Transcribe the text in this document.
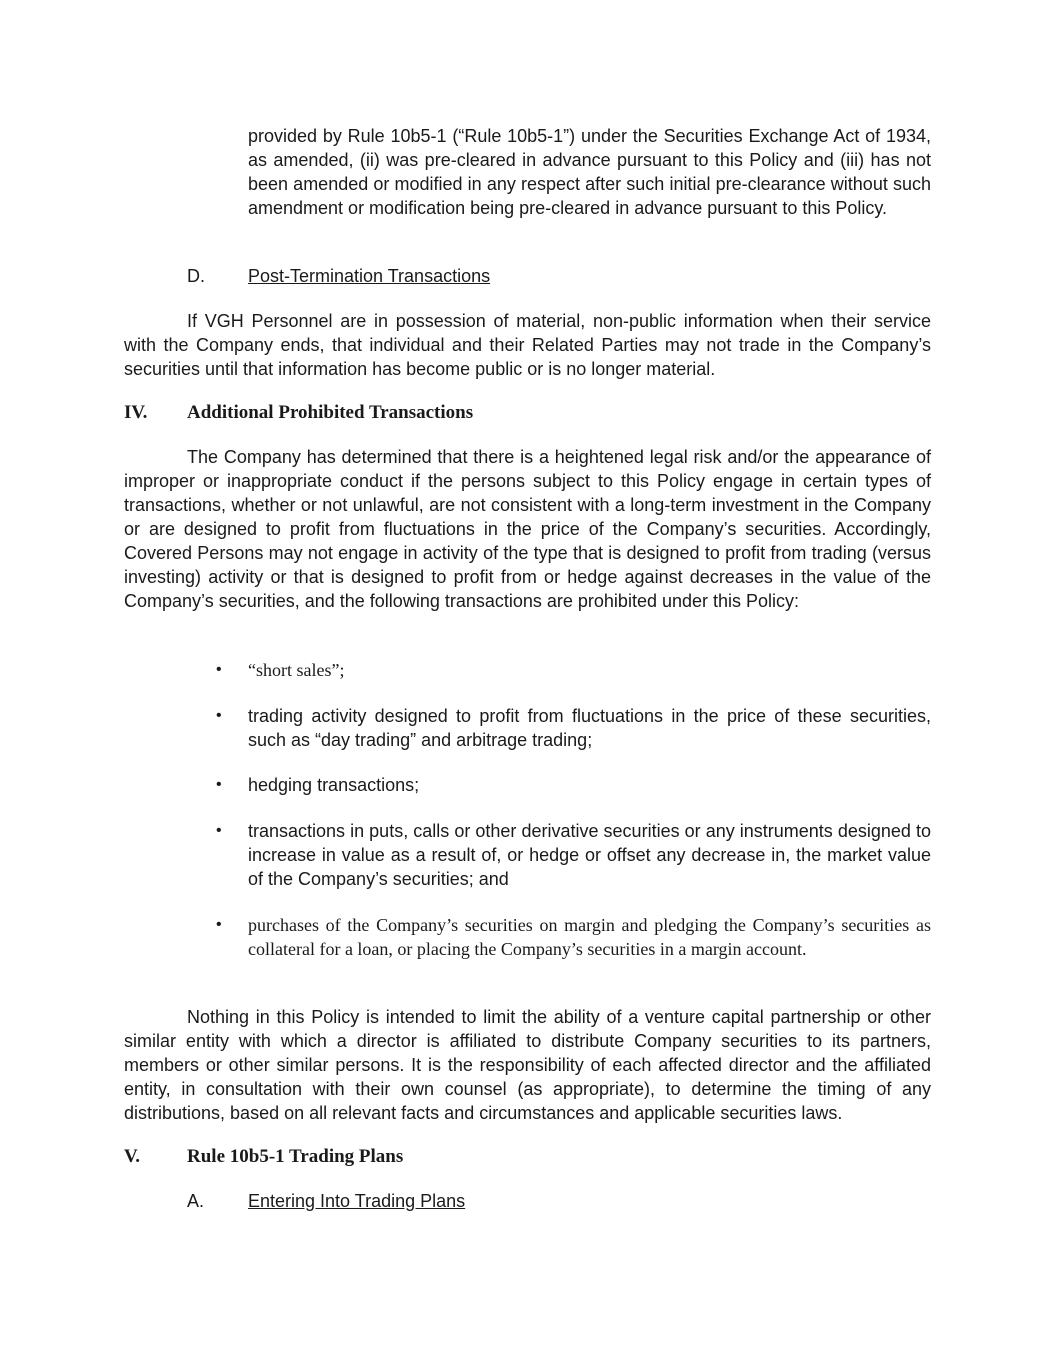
provided by Rule 10b5-1 (“Rule 10b5-1”) under the Securities Exchange Act of 1934, as amended, (ii) was pre-cleared in advance pursuant to this Policy and (iii) has not been amended or modified in any respect after such initial pre-clearance without such amendment or modification being pre-cleared in advance pursuant to this Policy.

D. Post-Termination Transactions

If VGH Personnel are in possession of material, non-public information when their service with the Company ends, that individual and their Related Parties may not trade in the Company’s securities until that information has become public or is no longer material.

IV. Additional Prohibited Transactions

The Company has determined that there is a heightened legal risk and/or the appearance of improper or inappropriate conduct if the persons subject to this Policy engage in certain types of transactions, whether or not unlawful, are not consistent with a long-term investment in the Company or are designed to profit from fluctuations in the price of the Company’s securities. Accordingly, Covered Persons may not engage in activity of the type that is designed to profit from trading (versus investing) activity or that is designed to profit from or hedge against decreases in the value of the Company’s securities, and the following transactions are prohibited under this Policy:

• “short sales”;
• trading activity designed to profit from fluctuations in the price of these securities, such as “day trading” and arbitrage trading;
• hedging transactions;
• transactions in puts, calls or other derivative securities or any instruments designed to increase in value as a result of, or hedge or offset any decrease in, the market value of the Company’s securities; and
• purchases of the Company’s securities on margin and pledging the Company’s securities as collateral for a loan, or placing the Company’s securities in a margin account.

Nothing in this Policy is intended to limit the ability of a venture capital partnership or other similar entity with which a director is affiliated to distribute Company securities to its partners, members or other similar persons. It is the responsibility of each affected director and the affiliated entity, in consultation with their own counsel (as appropriate), to determine the timing of any distributions, based on all relevant facts and circumstances and applicable securities laws.

V. Rule 10b5-1 Trading Plans
A. Entering Into Trading Plans
